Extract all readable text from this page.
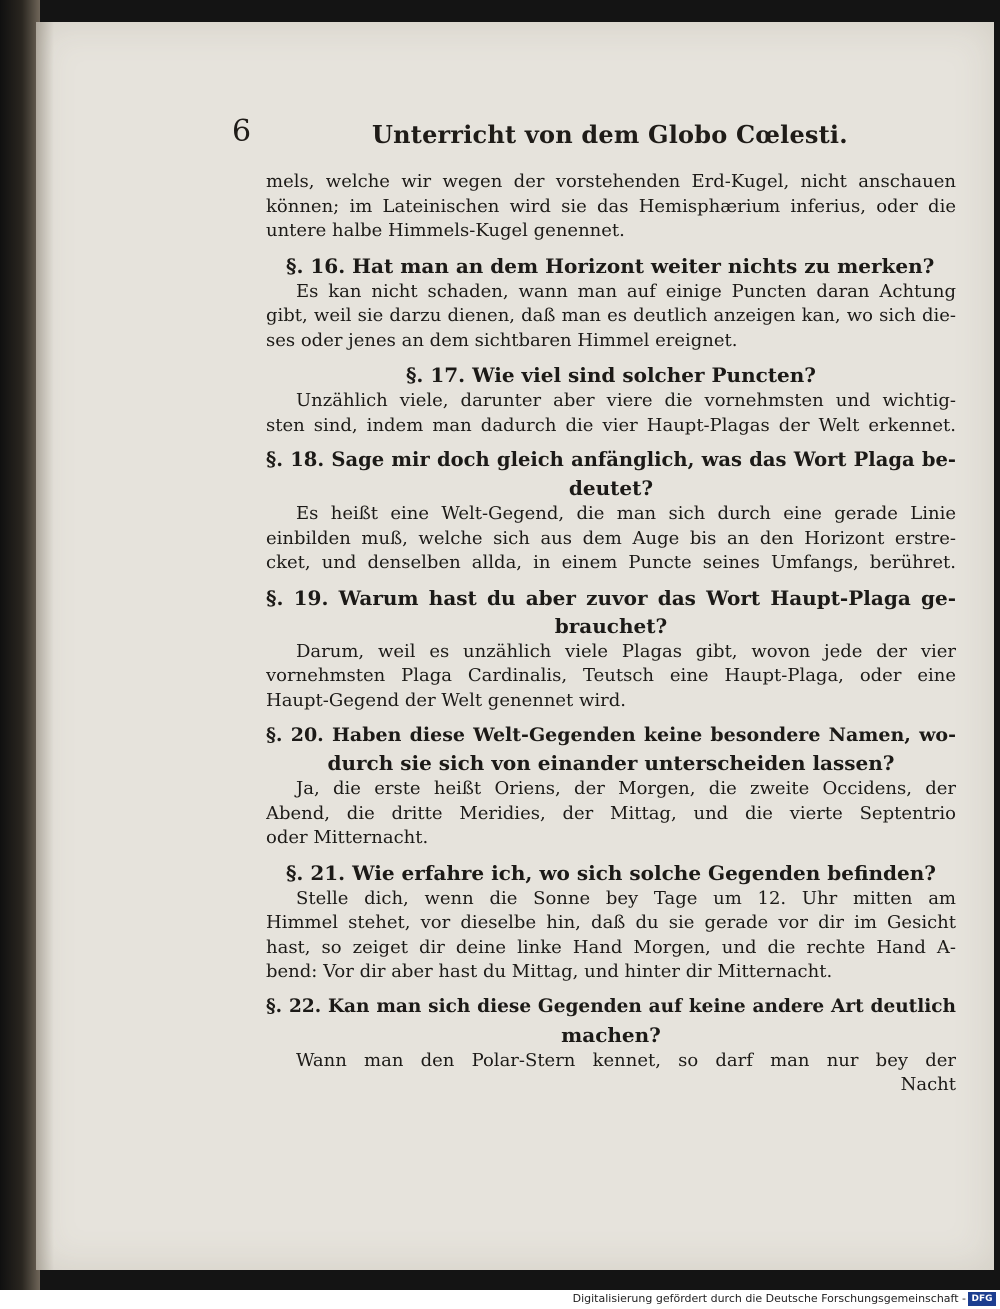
6	Unterricht von dem Globo Cœlesti.
mels, welche wir wegen der vorstehenden Erd-Kugel, nicht anschauen
können; im Lateinischen wird sie das Hemisphærium inferius, oder die
untere halbe Himmels-Kugel genennet.
§. 16. Hat man an dem Horizont weiter nichts zu merken?
Es kan nicht schaden, wann man auf einige Puncten daran Achtung
gibt, weil sie darzu dienen, daß man es deutlich anzeigen kan, wo sich die-
ses oder jenes an dem sichtbaren Himmel ereignet.
§. 17. Wie viel sind solcher Puncten?
Unzählich viele, darunter aber viere die vornehmsten und wichtig-
sten sind, indem man dadurch die vier Haupt-Plagas der Welt erkennet.
§. 18. Sage mir doch gleich anfänglich, was das Wort Plaga be-
deutet?
Es heißt eine Welt-Gegend, die man sich durch eine gerade Linie
einbilden muß, welche sich aus dem Auge bis an den Horizont erstre-
cket, und denselben allda, in einem Puncte seines Umfangs, berühret.
§. 19. Warum hast du aber zuvor das Wort Haupt-Plaga ge-
brauchet?
Darum, weil es unzählich viele Plagas gibt, wovon jede der vier
vornehmsten Plaga Cardinalis, Teutsch eine Haupt-Plaga, oder eine
Haupt-Gegend der Welt genennet wird.
§. 20. Haben diese Welt-Gegenden keine besondere Namen, wo-
durch sie sich von einander unterscheiden lassen?
Ja, die erste heißt Oriens, der Morgen, die zweite Occidens, der
Abend, die dritte Meridies, der Mittag, und die vierte Septentrio
oder Mitternacht.
§. 21. Wie erfahre ich, wo sich solche Gegenden befinden?
Stelle dich, wenn die Sonne bey Tage um 12. Uhr mitten am
Himmel stehet, vor dieselbe hin, daß du sie gerade vor dir im Gesicht
hast, so zeiget dir deine linke Hand Morgen, und die rechte Hand A-
bend: Vor dir aber hast du Mittag, und hinter dir Mitternacht.
§. 22. Kan man sich diese Gegenden auf keine andere Art deutlich
machen?
Wann man den Polar-Stern kennet, so darf man nur bey der
Nacht
Digitalisierung gefördert durch die Deutsche Forschungsgemeinschaft - DFG
